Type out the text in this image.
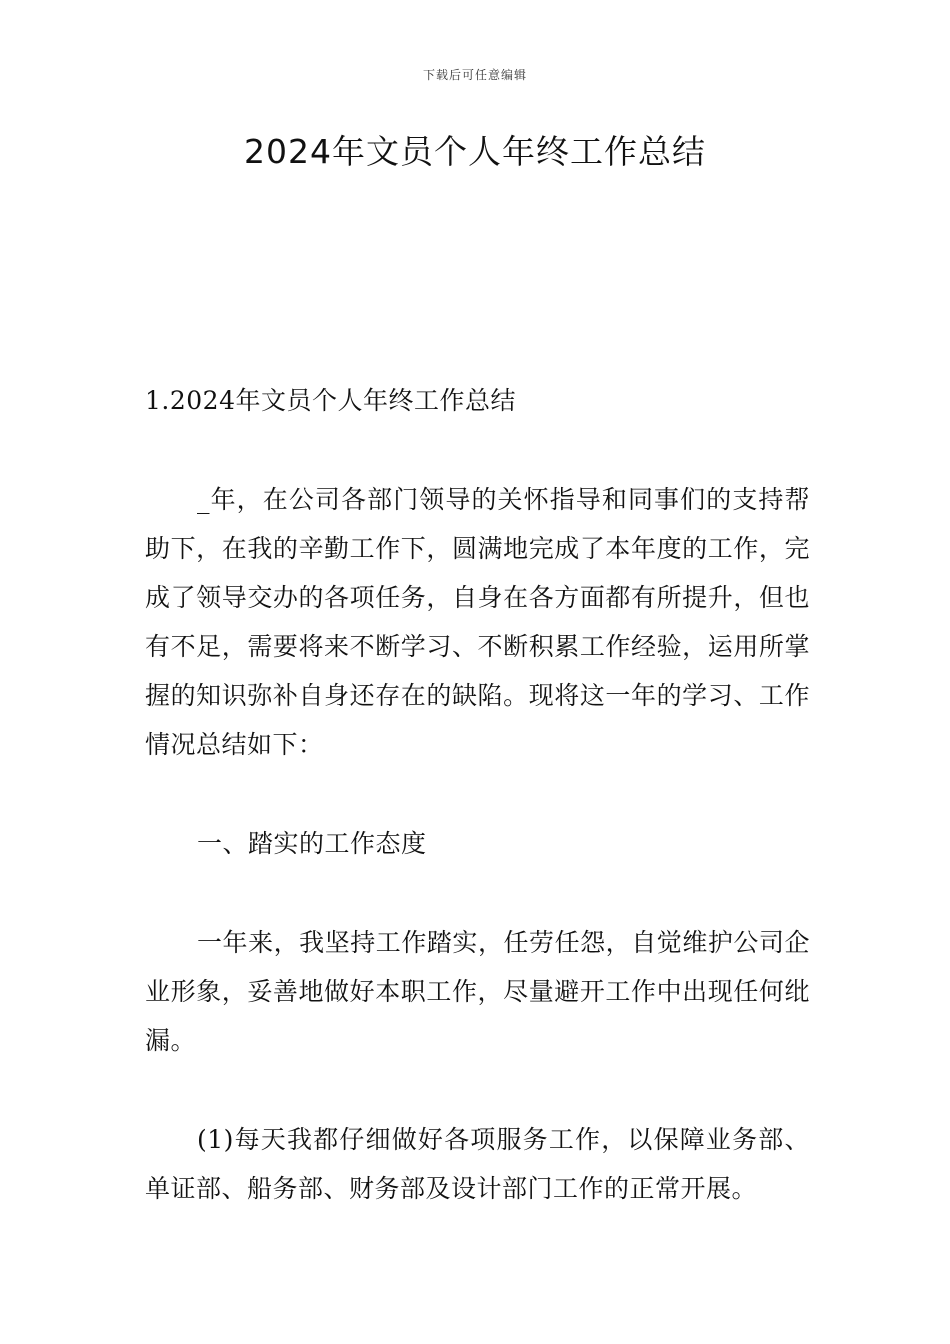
下载后可任意编辑
2024年文员个人年终工作总结

1.2024年文员个人年终工作总结

_年，在公司各部门领导的关怀指导和同事们的支持帮助下，在我的辛勤工作下，圆满地完成了本年度的工作，完成了领导交办的各项任务，自身在各方面都有所提升，但也有不足，需要将来不断学习、不断积累工作经验，运用所掌握的知识弥补自身还存在的缺陷。现将这一年的学习、工作情况总结如下：

一、踏实的工作态度

一年来，我坚持工作踏实，任劳任怨，自觉维护公司企业形象，妥善地做好本职工作，尽量避开工作中出现任何纰漏。

(1)每天我都仔细做好各项服务工作，以保障业务部、单证部、船务部、财务部及设计部门工作的正常开展。
